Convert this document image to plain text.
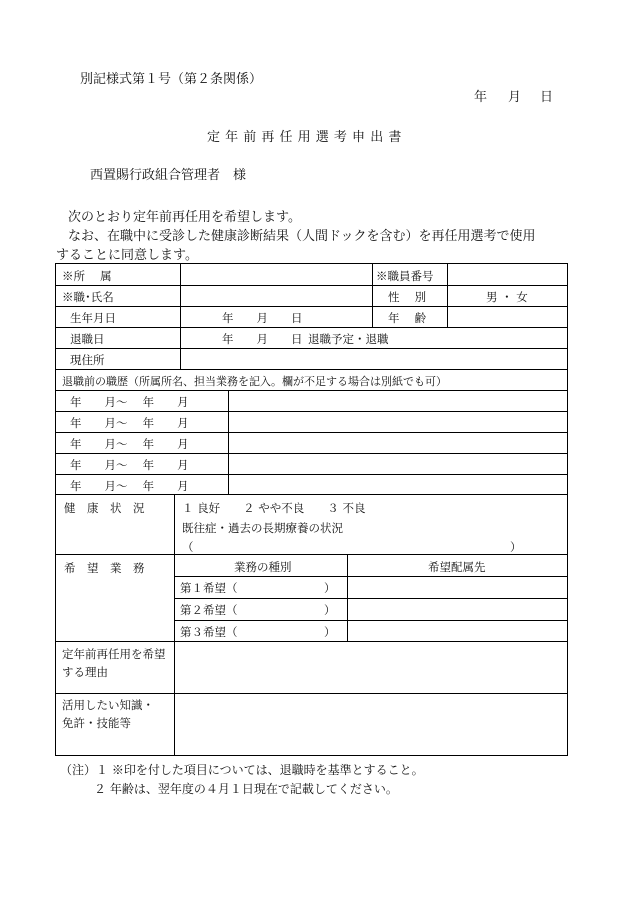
別記様式第１号（第２条関係）
年 月 日
定 年 前 再 任 用 選 考 申 出 書
西置賜行政組合管理者　様
次のとおり定年前再任用を希望します。
なお、在職中に受診した健康診断結果（人間ドックを含む）を再任用選考で使用
することに同意します。
※所　 属	※職員番号
※職･氏名	性　 別	男 ・ 女
生年月日	年　　月　　日	年　 齢
退職日	年　　月　　日 退職予定・退職
現住所
退職前の職歴（所属所名、担当業務を記入。欄が不足する場合は別紙でも可）
年　　月～　 年　　月
年　　月～　 年　　月
年　　月～　 年　　月
年　　月～　 年　　月
年　　月～　 年　　月
健　康　状　況	１ 良好　　２ やや不良　　３ 不良
既往症・過去の長期療養の状況
（	）
希　望　業　務	業務の種別	希望配属先
第１希望（	）
第２希望（	）
第３希望（	）
定年前再任用を希望
する理由
活用したい知識・
免許・技能等
（注）１ ※印を付した項目については、退職時を基準とすること。
２ 年齢は、翌年度の４月１日現在で記載してください。
